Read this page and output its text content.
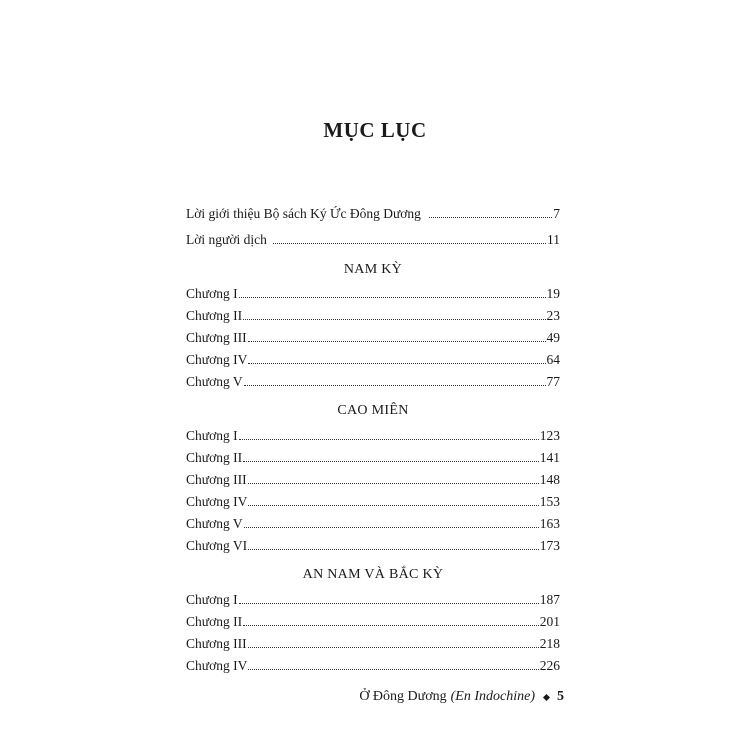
MỤC LỤC
Lời giới thiệu Bộ sách Ký Ức Đông Dương	7
Lời người dịch	11
NAM KỲ
Chương I	19
Chương II	23
Chương III	49
Chương IV	64
Chương V	77
CAO MIÊN
Chương I	123
Chương II	141
Chương III	148
Chương IV	153
Chương V	163
Chương VI	173
AN NAM VÀ BẮC KỲ
Chương I	187
Chương II	201
Chương III	218
Chương IV	226
Ở Đông Dương (En Indochine) 5
